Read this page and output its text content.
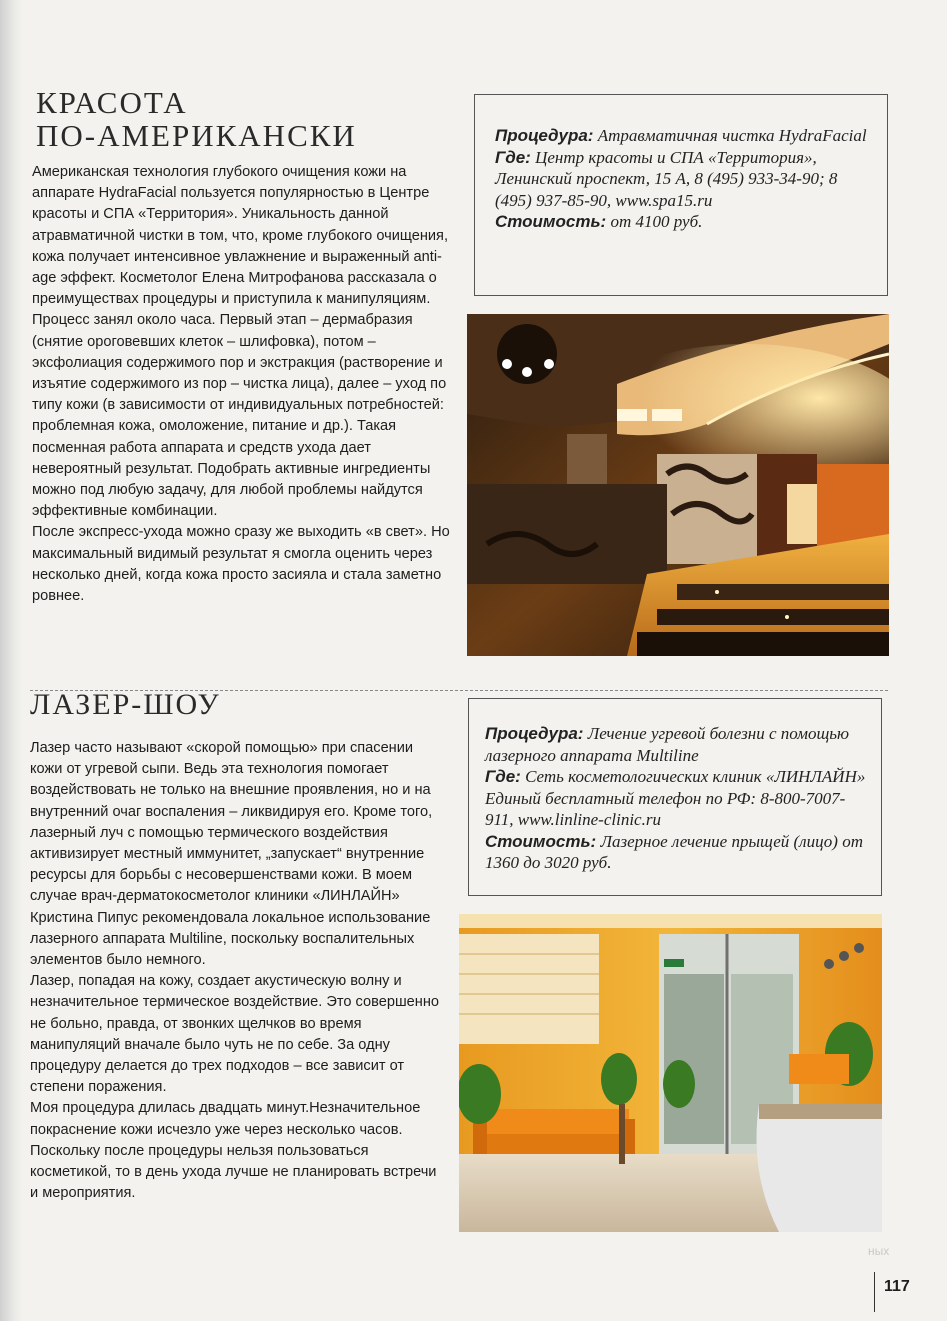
КРАСОТА
ПО-АМЕРИКАНСКИ

Американская технология глубокого очищения кожи на аппарате HydraFacial пользуется популярностью в Центре красоты и СПА «Территория». Уникальность данной атравматичной чистки в том, что, кроме глубокого очищения, кожа получает интенсивное увлажнение и выраженный anti-age эффект. Косметолог Елена Митрофанова рассказала о преимуществах процедуры и приступила к манипуляциям.

Процесс занял около часа. Первый этап – дермабразия (снятие ороговевших клеток – шлифовка), потом – эксфолиация содержимого пор и экстракция (растворение и изъятие содержимого из пор – чистка лица), далее – уход по типу кожи (в зависимости от индивидуальных потребностей: проблемная кожа, омоложение, питание и др.). Такая посменная работа аппарата и средств ухода дает невероятный результат. Подобрать активные ингредиенты можно под любую задачу, для любой проблемы найдутся эффективные комбинации.

После экспресс-ухода можно сразу же выходить «в свет». Но максимальный видимый результат я смогла оценить через несколько дней, когда кожа просто засияла и стала заметно ровнее.

Процедура: Атравматичная чистка HydraFacial

Где: Центр красоты и СПА «Территория», Ленинский проспект, 15 А, 8 (495) 933-34-90; 8 (495) 937-85-90, www.spa15.ru

Стоимость: от 4100 руб.

ЛАЗЕР-ШОУ

Лазер часто называют «скорой помощью» при спасении кожи от угревой сыпи. Ведь эта технология помогает воздействовать не только на внешние проявления, но и на внутренний очаг воспаления – ликвидируя его. Кроме того, лазерный луч с помощью термического воздействия активизирует местный иммунитет, „запускает“ внутренние ресурсы для борьбы с несовершенствами кожи. В моем случае врач-дерматокосметолог клиники «ЛИНЛАЙН» Кристина Пипус рекомендовала локальное использование лазерного аппарата Multiline, поскольку воспалительных элементов было немного.

Лазер, попадая на кожу, создает акустическую волну и незначительное термическое воздействие. Это совершенно не больно, правда, от звонких щелчков во время манипуляций вначале было чуть не по себе. За одну процедуру делается до трех подходов – все зависит от степени поражения.

Моя процедура длилась двадцать минут.Незначительное покраснение кожи исчезло уже через несколько часов. Поскольку после процедуры нельзя пользоваться косметикой, то в день ухода лучше не планировать встречи и мероприятия.

Процедура: Лечение угревой болезни с помощью лазерного аппарата Multiline

Где: Сеть косметологических клиник «ЛИНЛАЙН» Единый бесплатный телефон по РФ: 8-800-7007-911, www.linline-clinic.ru

Стоимость: Лазерное лечение прыщей (лицо) от 1360 до 3020 руб.

ных
117
